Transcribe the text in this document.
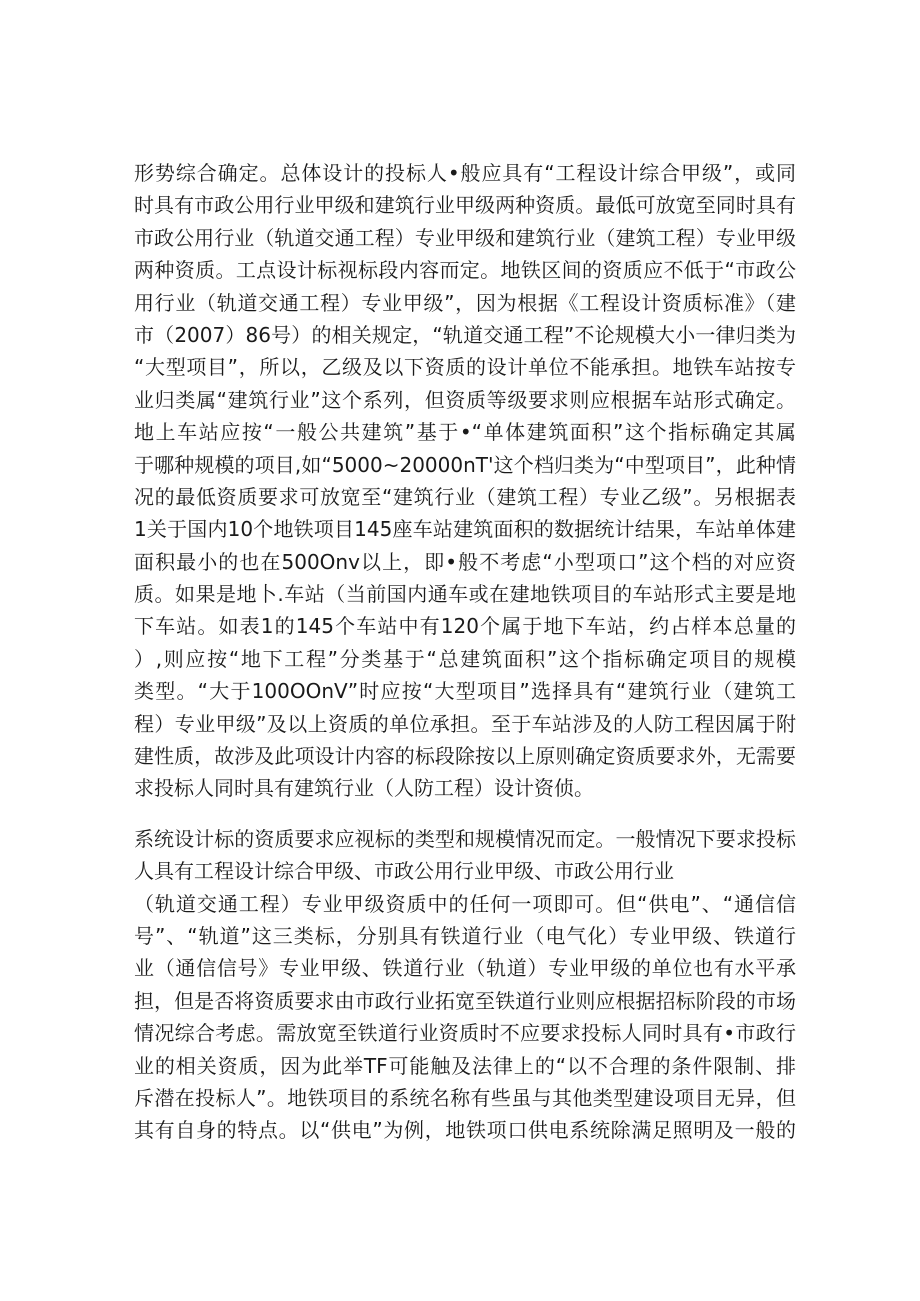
形势综合确定。总体设计的投标人•般应具有“工程设计综合甲级”，或同
时具有市政公用行业甲级和建筑行业甲级两种资质。最低可放宽至同时具有
市政公用行业（轨道交通工程）专业甲级和建筑行业（建筑工程）专业甲级
两种资质。工点设计标视标段内容而定。地铁区间的资质应不低于“市政公
用行业（轨道交通工程）专业甲级”，因为根据《工程设计资质标准》（建
市（2007）86号）的相关规定，“轨道交通工程”不论规模大小一律归类为
“大型项目”，所以，乙级及以下资质的设计单位不能承担。地铁车站按专
业归类属“建筑行业”这个系列，但资质等级要求则应根据车站形式确定。
地上车站应按“一般公共建筑”基于•“单体建筑面积”这个指标确定其属
于哪种规模的项目,如“5000~20000nT'这个档归类为“中型项目”，此种情
况的最低资质要求可放宽至“建筑行业（建筑工程）专业乙级”。另根据表
1关于国内10个地铁项目145座车站建筑面积的数据统计结果，车站单体建
面积最小的也在500Onv以上，即•般不考虑“小型项口”这个档的对应资
质。如果是地卜.车站（当前国内通车或在建地铁项目的车站形式主要是地
下车站。如表1的145个车站中有120个属于地下车站，约占样本总量的
）,则应按“地下工程”分类基于“总建筑面积”这个指标确定项目的规模
类型。“大于100OOnV”时应按“大型项目”选择具有“建筑行业（建筑工
程）专业甲级”及以上资质的单位承担。至于车站涉及的人防工程因属于附
建性质，故涉及此项设计内容的标段除按以上原则确定资质要求外，无需要
求投标人同时具有建筑行业（人防工程）设计资侦。
系统设计标的资质要求应视标的类型和规模情况而定。一般情况下要求投标
人具有工程设计综合甲级、市政公用行业甲级、市政公用行业
（轨道交通工程）专业甲级资质中的任何一项即可。但“供电”、“通信信
号”、“轨道”这三类标，分别具有铁道行业（电气化）专业甲级、铁道行
业（通信信号》专业甲级、铁道行业（轨道）专业甲级的单位也有水平承
担，但是否将资质要求由市政行业拓宽至铁道行业则应根据招标阶段的市场
情况综合考虑。需放宽至铁道行业资质时不应要求投标人同时具有•市政行
业的相关资质，因为此举TF可能触及法律上的“以不合理的条件限制、排
斥潜在投标人”。地铁项目的系统名称有些虽与其他类型建设项目无异，但
其有自身的特点。以“供电”为例，地铁项口供电系统除满足照明及一般的
